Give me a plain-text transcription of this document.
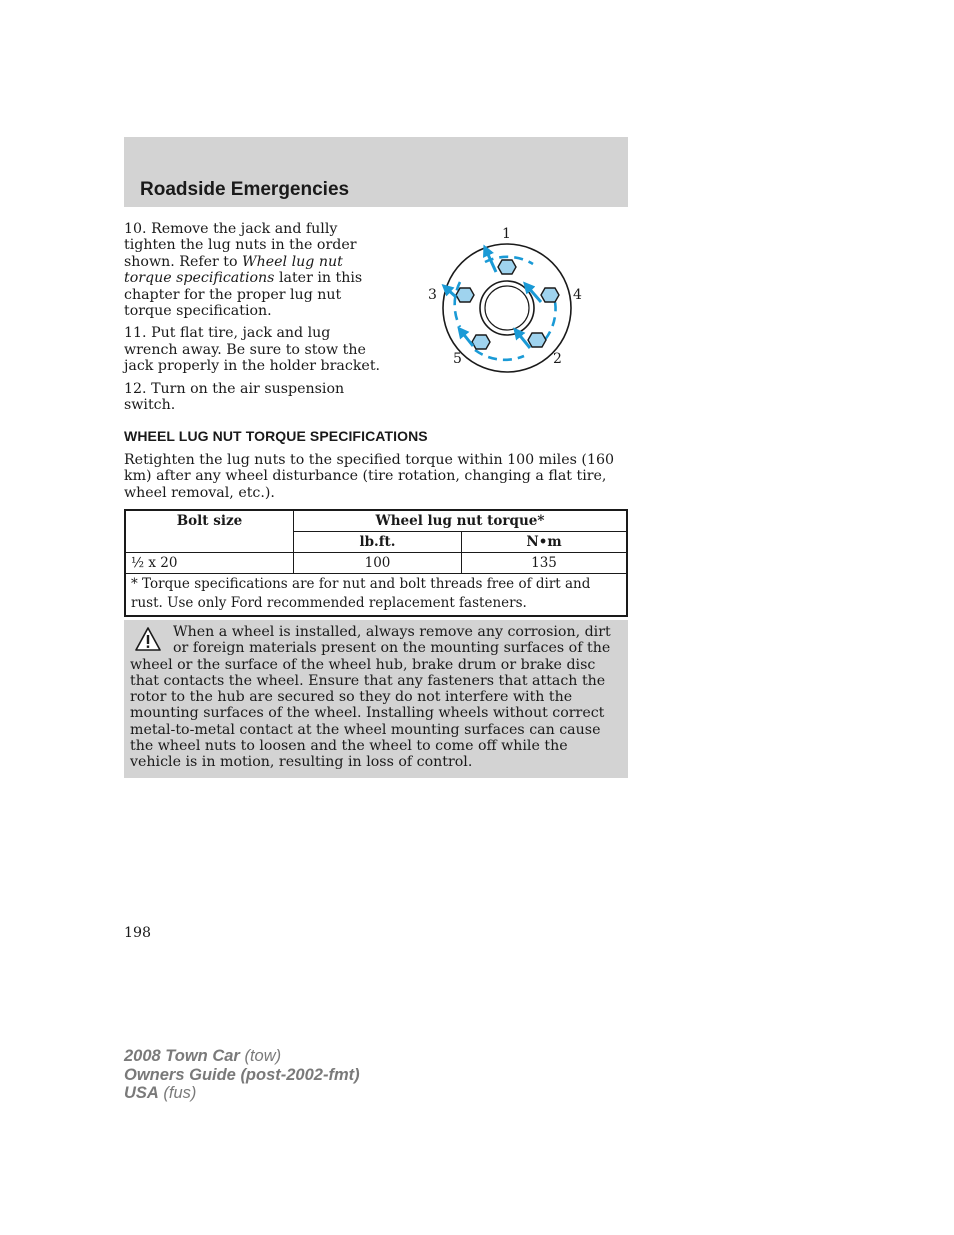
Roadside Emergencies

10. Remove the jack and fully tighten the lug nuts in the order shown. Refer to Wheel lug nut torque specifications later in this chapter for the proper lug nut torque specification.

11. Put flat tire, jack and lug wrench away. Be sure to stow the jack properly in the holder bracket.

12. Turn on the air suspension switch.

1
4
3
5	2
WHEEL LUG NUT TORQUE SPECIFICATIONS

Retighten the lug nuts to the specified torque within 100 miles (160 km) after any wheel disturbance (tire rotation, changing a flat tire, wheel removal, etc.).

Bolt size	Wheel lug nut torque*	
	lb.ft.	N•m
½ x 20	100	135
* Torque specifications are for nut and bolt threads free of dirt and rust. Use only Ford recommended replacement fasteners.		

When a wheel is installed, always remove any corrosion, dirt or foreign materials present on the mounting surfaces of the wheel or the surface of the wheel hub, brake drum or brake disc that contacts the wheel. Ensure that any fasteners that attach the rotor to the hub are secured so they do not interfere with the mounting surfaces of the wheel. Installing wheels without correct metal-to-metal contact at the wheel mounting surfaces can cause the wheel nuts to loosen and the wheel to come off while the vehicle is in motion, resulting in loss of control.

198
2008 Town Car (tow)
Owners Guide (post-2002-fmt)
USA (fus)
